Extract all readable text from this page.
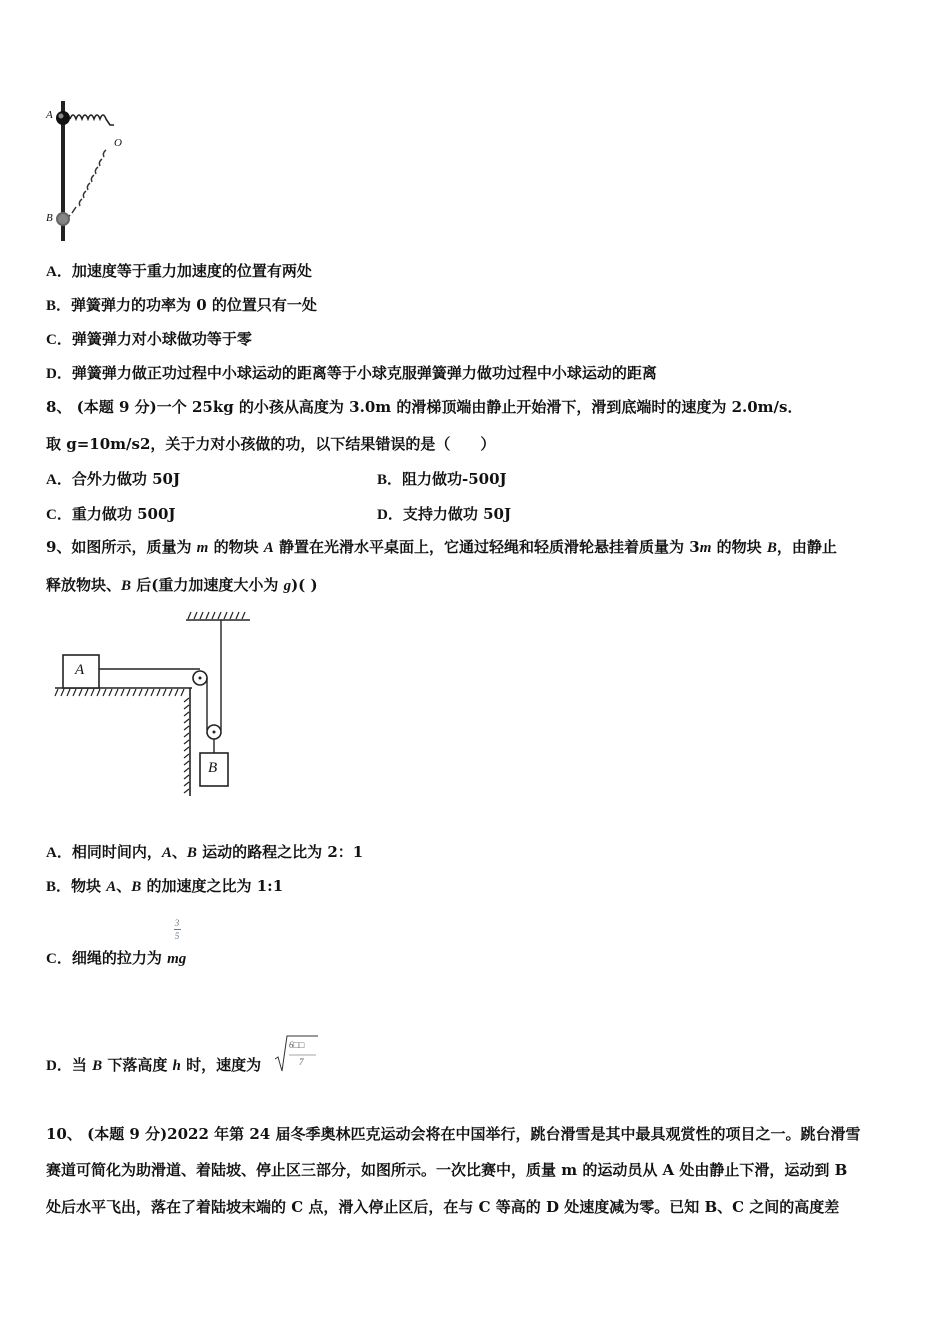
A
O
B
A．加速度等于重力加速度的位置有两处
B．弹簧弹力的功率为 0 的位置只有一处
C．弹簧弹力对小球做功等于零
D．弹簧弹力做正功过程中小球运动的距离等于小球克服弹簧弹力做功过程中小球运动的距离
8、 (本题 9 分)一个 25kg 的小孩从高度为 3.0m 的滑梯顶端由静止开始滑下，滑到底端时的速度为 2.0m/s．
取 g=10m/s2，关于力对小孩做的功，以下结果错误的是（　　）
A．合外力做功 50J	B．阻力做功-500J
C．重力做功 500J	D．支持力做功 50J
9、如图所示，质量为 m 的物块 A 静置在光滑水平桌面上，它通过轻绳和轻质滑轮悬挂着质量为 3m 的物块 B，由静止
释放物块、B 后(重力加速度大小为 g)( )
A
B
A．相同时间内，A、B 运动的路程之比为 2：1
B．物块 A、B 的加速度之比为 1:1
3
5
C．细绳的拉力为 mg
D．当 B 下落高度 h 时，速度为
6□□
7
10、 (本题 9 分)2022 年第 24 届冬季奥林匹克运动会将在中国举行，跳台滑雪是其中最具观赏性的项目之一。跳台滑雪
赛道可简化为助滑道、着陆坡、停止区三部分，如图所示。一次比赛中，质量 m 的运动员从 A 处由静止下滑，运动到 B
处后水平飞出，落在了着陆坡末端的 C 点，滑入停止区后，在与 C 等高的 D 处速度减为零。已知 B、C 之间的高度差
